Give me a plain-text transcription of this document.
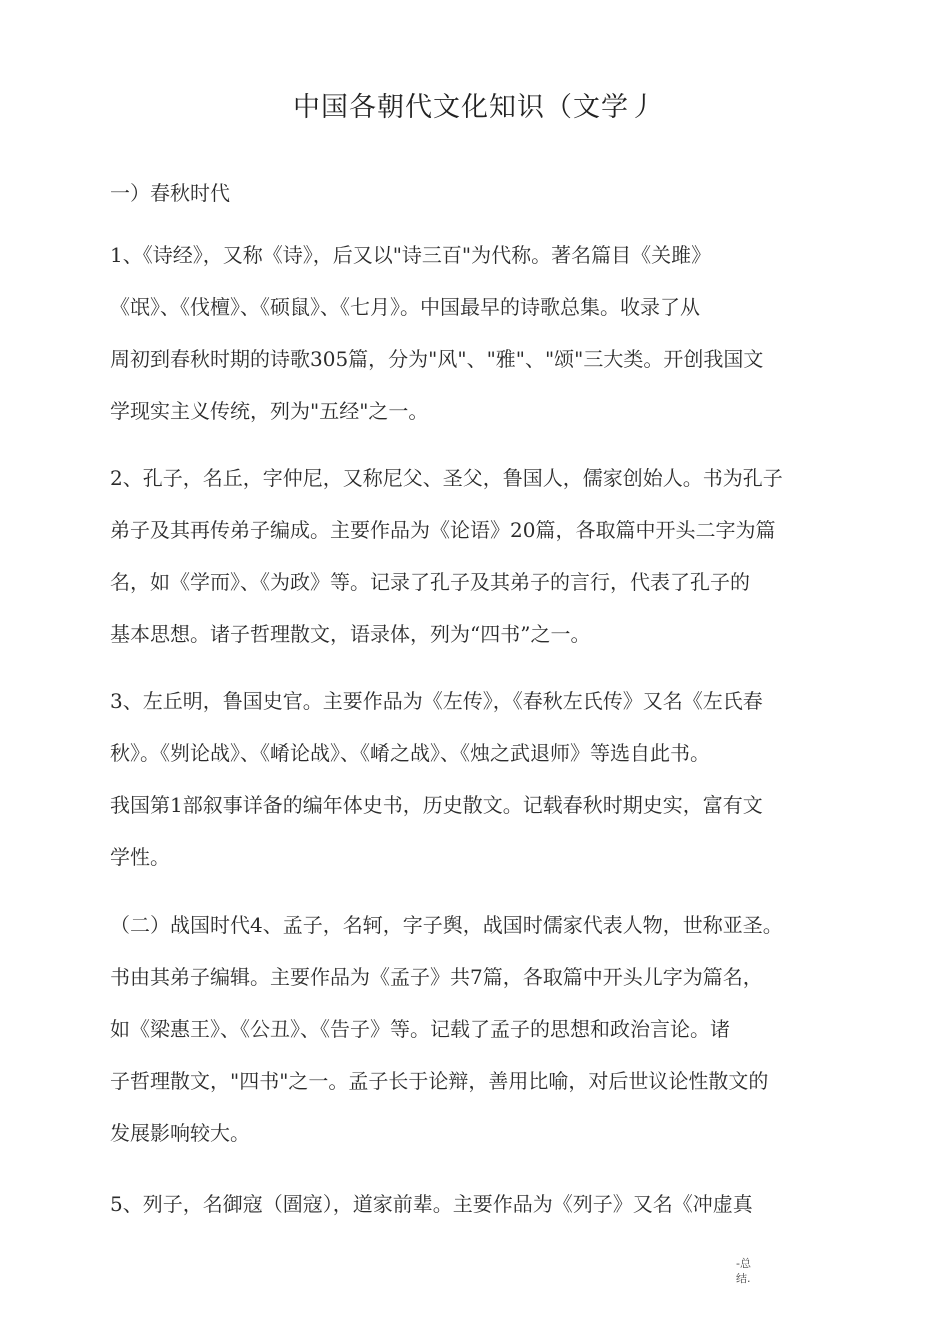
中国各朝代文化知识（文学丿
一）春秋时代
1、《诗经》，又称《诗》，后又以"诗三百"为代称。著名篇目《关雎》
《氓》、《伐檀》、《硕鼠》、《七月》。中国最早的诗歌总集。收录了从
周初到春秋时期的诗歌305篇，分为"风"、"雅"、"颂"三大类。开创我国文
学现实主义传统，列为"五经"之一。
2、孔子，名丘，字仲尼，又称尼父、圣父，鲁国人，儒家创始人。书为孔子
弟子及其再传弟子编成。主要作品为《论语》20篇，各取篇中开头二字为篇
名，如《学而》、《为政》等。记录了孔子及其弟子的言行，代表了孔子的
基本思想。诸子哲理散文，语录体，列为“四书”之一。
3、左丘明，鲁国史官。主要作品为《左传》，《春秋左氏传》又名《左氏春
秋》。《刿论战》、《崤论战》、《崤之战》、《烛之武退师》等选自此书。
我国第1部叙事详备的编年体史书，历史散文。记载春秋时期史实，富有文
学性。
（二）战国时代4、孟子，名轲，字子舆，战国时儒家代表人物，世称亚圣。
书由其弟子编辑。主要作品为《孟子》共7篇，各取篇中开头儿字为篇名，
如《梁惠王》、《公丑》、《告子》等。记载了孟子的思想和政治言论。诸
子哲理散文，"四书"之一。孟子长于论辩，善用比喻，对后世议论性散文的
发展影响较大。
5、列子，名御寇（圄寇），道家前辈。主要作品为《列子》又名《冲虚真
-总
结.
